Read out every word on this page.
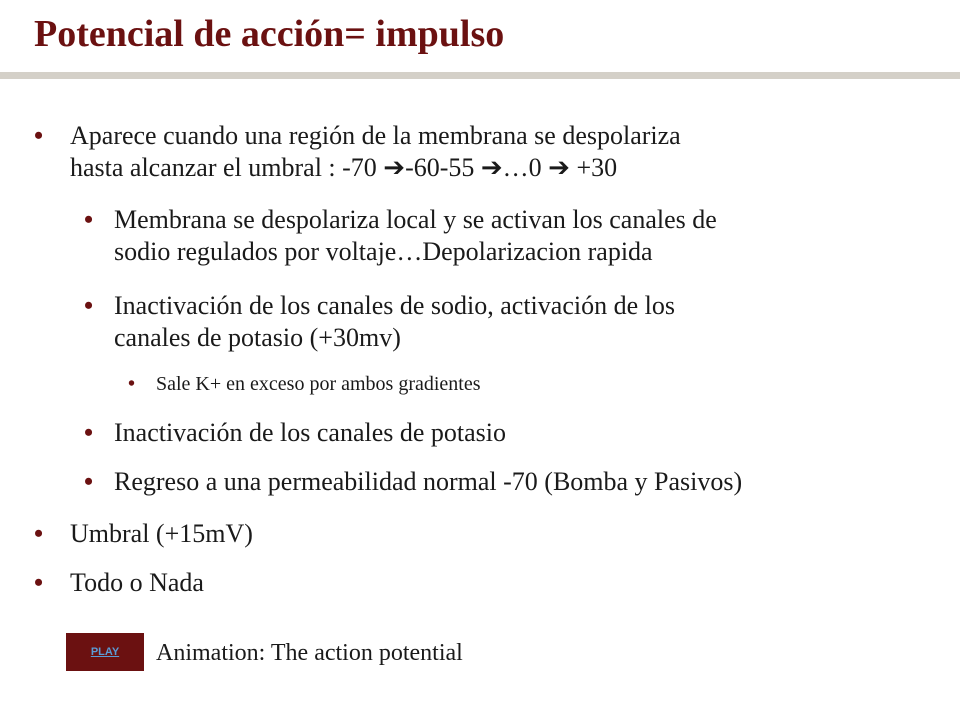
Potencial de acción= impulso
• Aparece cuando una región de la membrana se despolariza
hasta alcanzar el umbral : -70 ➔-60-55 ➔…0 ➔ +30
• Membrana se despolariza local y se activan los canales de
sodio regulados por voltaje…Depolarizacion rapida
• Inactivación de los canales de sodio, activación de los
canales de potasio (+30mv)
• Sale K+ en exceso por ambos gradientes
• Inactivación de los canales de potasio
• Regreso a una permeabilidad normal -70 (Bomba y Pasivos)
• Umbral (+15mV)
• Todo o Nada
PLAY Animation: The action potential
